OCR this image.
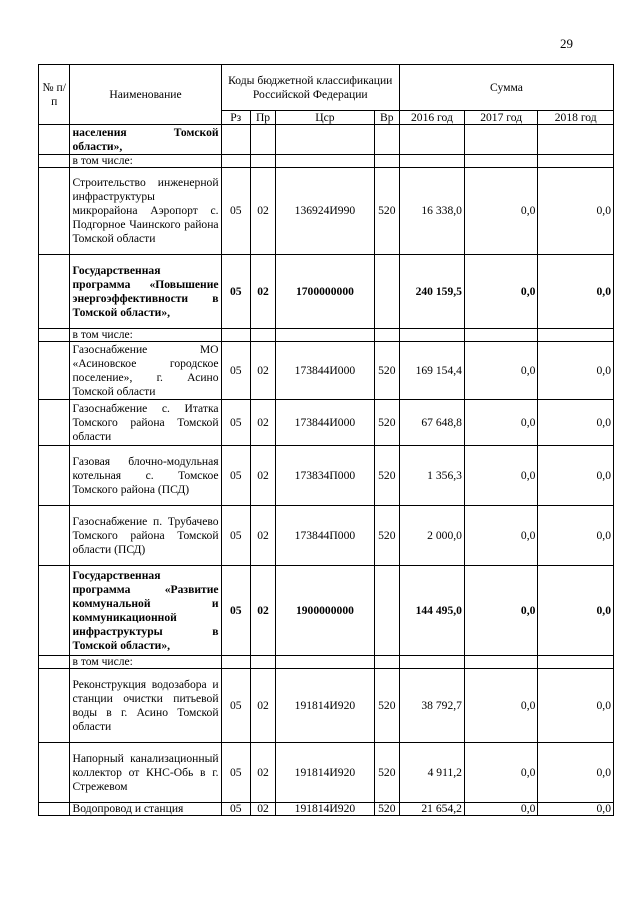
29
№ п/п	Наименование	Коды бюджетной классификации Российской Федерации				Сумма		
		Рз	Пр	Цср	Вр	2016 год	2017 год	2018 год
	населения Томской области»,							
	в том числе:							
	Строительство инженерной инфраструктуры микрорайона Аэропорт с. Подгорное Чаинского района Томской области	05	02	136924И990	520	16 338,0	0,0	0,0
	Государственная программа «Повышение энергоэффективности в Томской области»,	05	02	1700000000		240 159,5	0,0	0,0
	в том числе:							
	Газоснабжение МО «Асиновское городское поселение», г. Асино Томской области	05	02	173844И000	520	169 154,4	0,0	0,0
	Газоснабжение с. Итатка Томского района Томской области	05	02	173844И000	520	67 648,8	0,0	0,0
	Газовая блочно-модульная котельная с. Томское Томского района (ПСД)	05	02	173834П000	520	1 356,3	0,0	0,0
	Газоснабжение п. Трубачево Томского района Томской области (ПСД)	05	02	173844П000	520	2 000,0	0,0	0,0
	Государственная программа «Развитие коммунальной и коммуникационной инфраструктуры в Томской области»,	05	02	1900000000		144 495,0	0,0	0,0
	в том числе:							
	Реконструкция водозабора и станции очистки питьевой воды в г. Асино Томской области	05	02	191814И920	520	38 792,7	0,0	0,0
	Напорный канализационный коллектор от КНС-Обь в г. Стрежевом	05	02	191814И920	520	4 911,2	0,0	0,0
	Водопровод и станция	05	02	191814И920	520	21 654,2	0,0	0,0
